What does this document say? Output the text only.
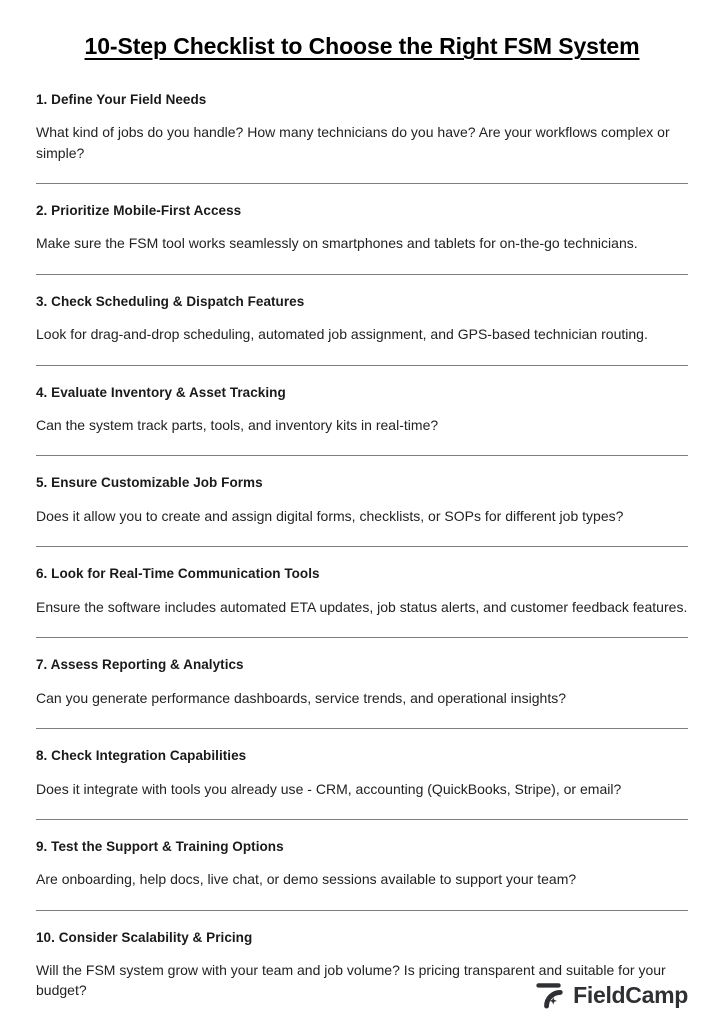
10-Step Checklist to Choose the Right FSM System
1. Define Your Field Needs
What kind of jobs do you handle? How many technicians do you have? Are your workflows complex or simple?
2. Prioritize Mobile-First Access
Make sure the FSM tool works seamlessly on smartphones and tablets for on-the-go technicians.
3. Check Scheduling & Dispatch Features
Look for drag-and-drop scheduling, automated job assignment, and GPS-based technician routing.
4. Evaluate Inventory & Asset Tracking
Can the system track parts, tools, and inventory kits in real-time?
5. Ensure Customizable Job Forms
Does it allow you to create and assign digital forms, checklists, or SOPs for different job types?
6. Look for Real-Time Communication Tools
Ensure the software includes automated ETA updates, job status alerts, and customer feedback features.
7. Assess Reporting & Analytics
Can you generate performance dashboards, service trends, and operational insights?
8. Check Integration Capabilities
Does it integrate with tools you already use - CRM, accounting (QuickBooks, Stripe), or email?
9. Test the Support & Training Options
Are onboarding, help docs, live chat, or demo sessions available to support your team?
10. Consider Scalability & Pricing
Will the FSM system grow with your team and job volume? Is pricing transparent and suitable for your budget?	FieldCamp
